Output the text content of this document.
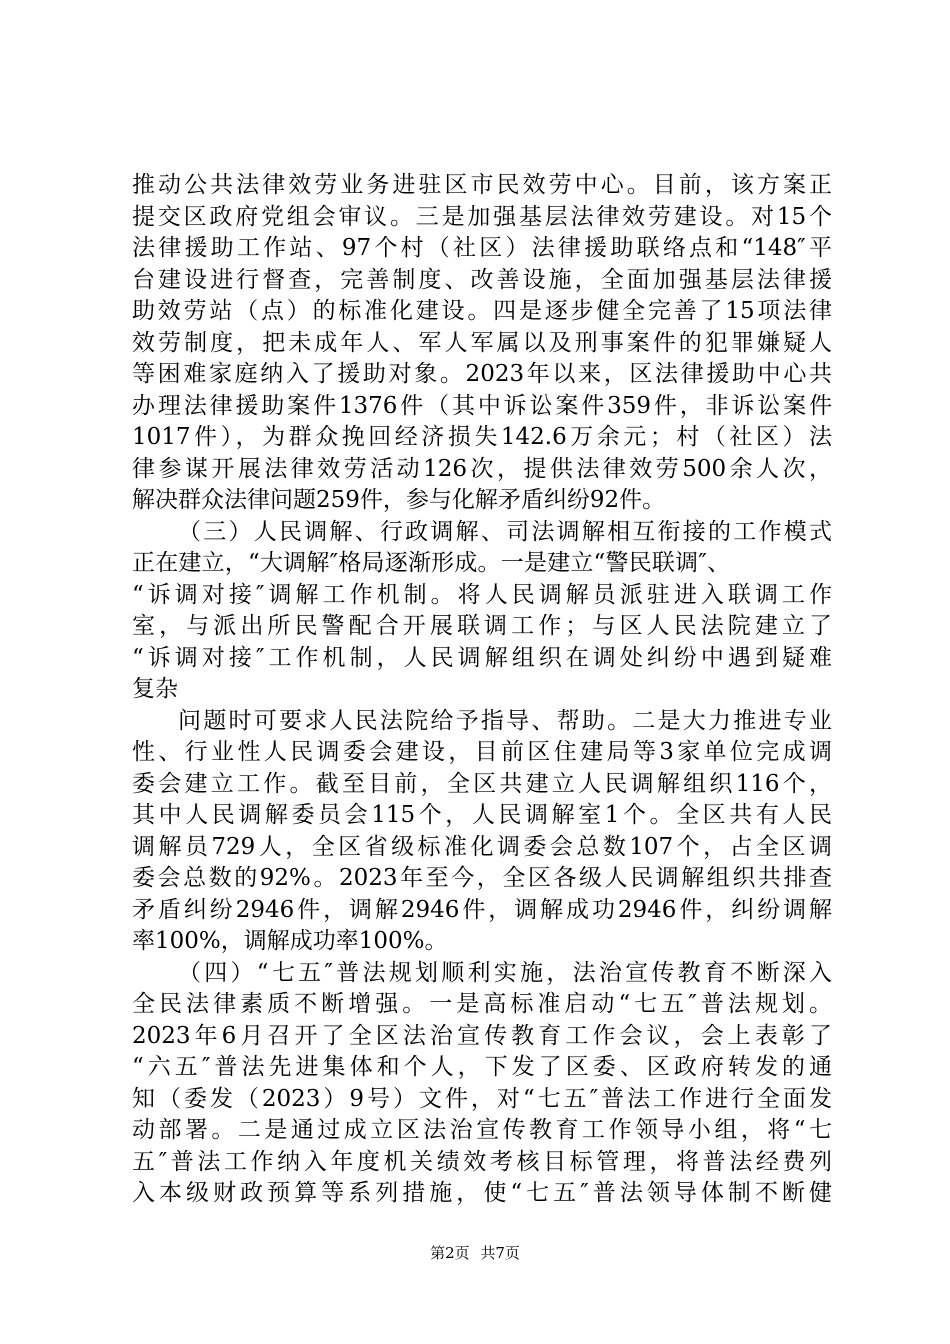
推动公共法律效劳业务进驻区市民效劳中心。目前，该方案正
提交区政府党组会审议。三是加强基层法律效劳建设。对15个
法律援助工作站、97个村（社区）法律援助联络点和“148″平
台建设进行督查，完善制度、改善设施，全面加强基层法律援
助效劳站（点）的标准化建设。四是逐步健全完善了15项法律
效劳制度，把未成年人、军人军属以及刑事案件的犯罪嫌疑人
等困难家庭纳入了援助对象。2023年以来，区法律援助中心共
办理法律援助案件1376件（其中诉讼案件359件，非诉讼案件
1017件），为群众挽回经济损失142.6万余元；村（社区）法
律参谋开展法律效劳活动126次，提供法律效劳500余人次，
解决群众法律问题259件，参与化解矛盾纠纷92件。
（三）人民调解、行政调解、司法调解相互衔接的工作模式
正在建立，“大调解″格局逐渐形成。一是建立“警民联调″、
“诉调对接″调解工作机制。将人民调解员派驻进入联调工作
室，与派出所民警配合开展联调工作；与区人民法院建立了
“诉调对接″工作机制，人民调解组织在调处纠纷中遇到疑难
复杂
问题时可要求人民法院给予指导、帮助。二是大力推进专业
性、行业性人民调委会建设，目前区住建局等3家单位完成调
委会建立工作。截至目前，全区共建立人民调解组织116个，
其中人民调解委员会115个，人民调解室1个。全区共有人民
调解员729人，全区省级标准化调委会总数107个，占全区调
委会总数的92%。2023年至今，全区各级人民调解组织共排查
矛盾纠纷2946件，调解2946件，调解成功2946件，纠纷调解
率100%，调解成功率100%。
（四）“七五″普法规划顺利实施，法治宣传教育不断深入
全民法律素质不断增强。一是高标准启动“七五″普法规划。
2023年6月召开了全区法治宣传教育工作会议，会上表彰了
“六五″普法先进集体和个人，下发了区委、区政府转发的通
知（委发（2023）9号）文件，对“七五″普法工作进行全面发
动部署。二是通过成立区法治宣传教育工作领导小组，将“七
五″普法工作纳入年度机关绩效考核目标管理，将普法经费列
入本级财政预算等系列措施，使“七五″普法领导体制不断健
第2页 共7页
